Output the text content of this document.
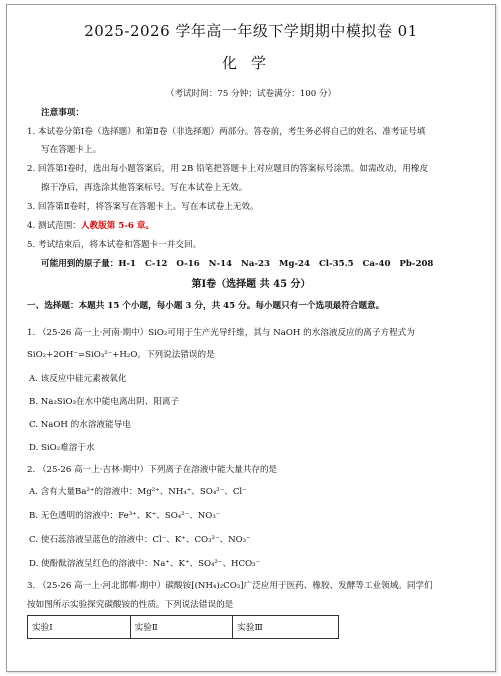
2025-2026 学年高一年级下学期期中模拟卷 01
化学
（考试时间：75 分钟；试卷满分：100 分）
注意事项：
1. 本试卷分第Ⅰ卷（选择题）和第Ⅱ卷（非选择题）两部分。答卷前，考生务必将自己的姓名、准考证号填
写在答题卡上。
2. 回答第Ⅰ卷时，选出每小题答案后，用 2B 铅笔把答题卡上对应题目的答案标号涂黑。如需改动，用橡皮
擦干净后，再选涂其他答案标号。写在本试卷上无效。
3. 回答第Ⅱ卷时，将答案写在答题卡上。写在本试卷上无效。
4. 测试范围：人教版第 5-6 章。
5. 考试结束后，将本试卷和答题卡一并交回。
可能用到的原子量：H-1   C-12   O-16   N-14   Na-23   Mg-24   Cl-35.5   Ca-40   Pb-208
第Ⅰ卷（选择题 共 45 分）
一、选择题：本题共 15 个小题，每小题 3 分，共 45 分。每小题只有一个选项最符合题意。
1. （25-26 高一上·河南·期中）SiO₂可用于生产光导纤维，其与 NaOH 的水溶液反应的离子方程式为
SiO₂+2OH⁻=SiO₃²⁻+H₂O。下列说法错误的是
A. 该反应中硅元素被氧化
B. Na₂SiO₃在水中能电离出阴、阳离子
C. NaOH 的水溶液能导电
D. SiO₂难溶于水
2. （25-26 高一上·吉林·期中）下列离子在溶液中能大量共存的是
A. 含有大量Ba²⁺的溶液中：Mg²⁺、NH₄⁺、SO₄²⁻、Cl⁻
B. 无色透明的溶液中：Fe³⁺、K⁺、SO₄²⁻、NO₃⁻
C. 使石蕊溶液呈蓝色的溶液中：Cl⁻、K⁺、CO₃²⁻、NO₃⁻
D. 使酚酞溶液呈红色的溶液中：Na⁺、K⁺、SO₄²⁻、HCO₃⁻
3. （25-26 高一上·河北邯郸·期中）碳酸铵[(NH₄)₂CO₃]广泛应用于医药、橡胶、发酵等工业领域。同学们
按如图所示实验探究碳酸铵的性质。下列说法错误的是
实验Ⅰ	实验Ⅱ	实验Ⅲ
